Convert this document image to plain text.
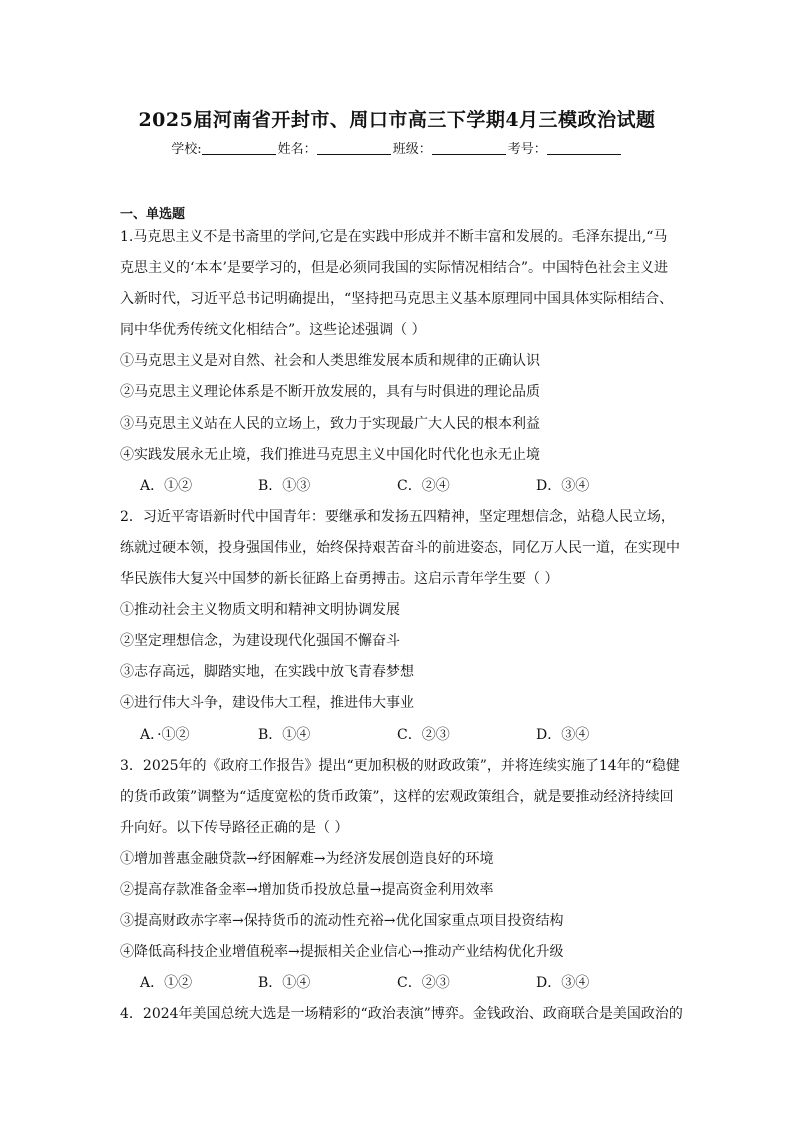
2025届河南省开封市、周口市高三下学期4月三模政治试题
学校:	姓名：	班级：	考号：
一、单选题
1.马克思主义不是书斋里的学问,它是在实践中形成并不断丰富和发展的。毛泽东提出,“马
克思主义的‘本本’是要学习的，但是必须同我国的实际情况相结合”。中国特色社会主义进
入新时代，习近平总书记明确提出，“坚持把马克思主义基本原理同中国具体实际相结合、
同中华优秀传统文化相结合”。这些论述强调（ ）
①马克思主义是对自然、社会和人类思维发展本质和规律的正确认识
②马克思主义理论体系是不断开放发展的，具有与时俱进的理论品质
③马克思主义站在人民的立场上，致力于实现最广大人民的根本利益
④实践发展永无止境，我们推进马克思主义中国化时代化也永无止境
A．①②	B．①③	C．②④	D．③④
2．习近平寄语新时代中国青年：要继承和发扬五四精神，坚定理想信念，站稳人民立场，
练就过硬本领，投身强国伟业，始终保持艰苦奋斗的前进姿态，同亿万人民一道，在实现中
华民族伟大复兴中国梦的新长征路上奋勇搏击。这启示青年学生要（ ）
①推动社会主义物质文明和精神文明协调发展
②坚定理想信念，为建设现代化强国不懈奋斗
③志存高远，脚踏实地，在实践中放飞青春梦想
④进行伟大斗争，建设伟大工程，推进伟大事业
A．·①②	B．①④	C．②③	D．③④
3．2025年的《政府工作报告》提出“更加积极的财政政策”，并将连续实施了14年的“稳健
的货币政策”调整为“适度宽松的货币政策”，这样的宏观政策组合，就是要推动经济持续回
升向好。以下传导路径正确的是（ ）
①增加普惠金融贷款→纾困解难→为经济发展创造良好的环境
②提高存款准备金率→增加货币投放总量→提高资金利用效率
③提高财政赤字率→保持货币的流动性充裕→优化国家重点项目投资结构
④降低高科技企业增值税率→提振相关企业信心→推动产业结构优化升级
A．①②	B．①④	C．②③	D．③④
4．2024年美国总统大选是一场精彩的“政治表演”博弈。金钱政治、政商联合是美国政治的
